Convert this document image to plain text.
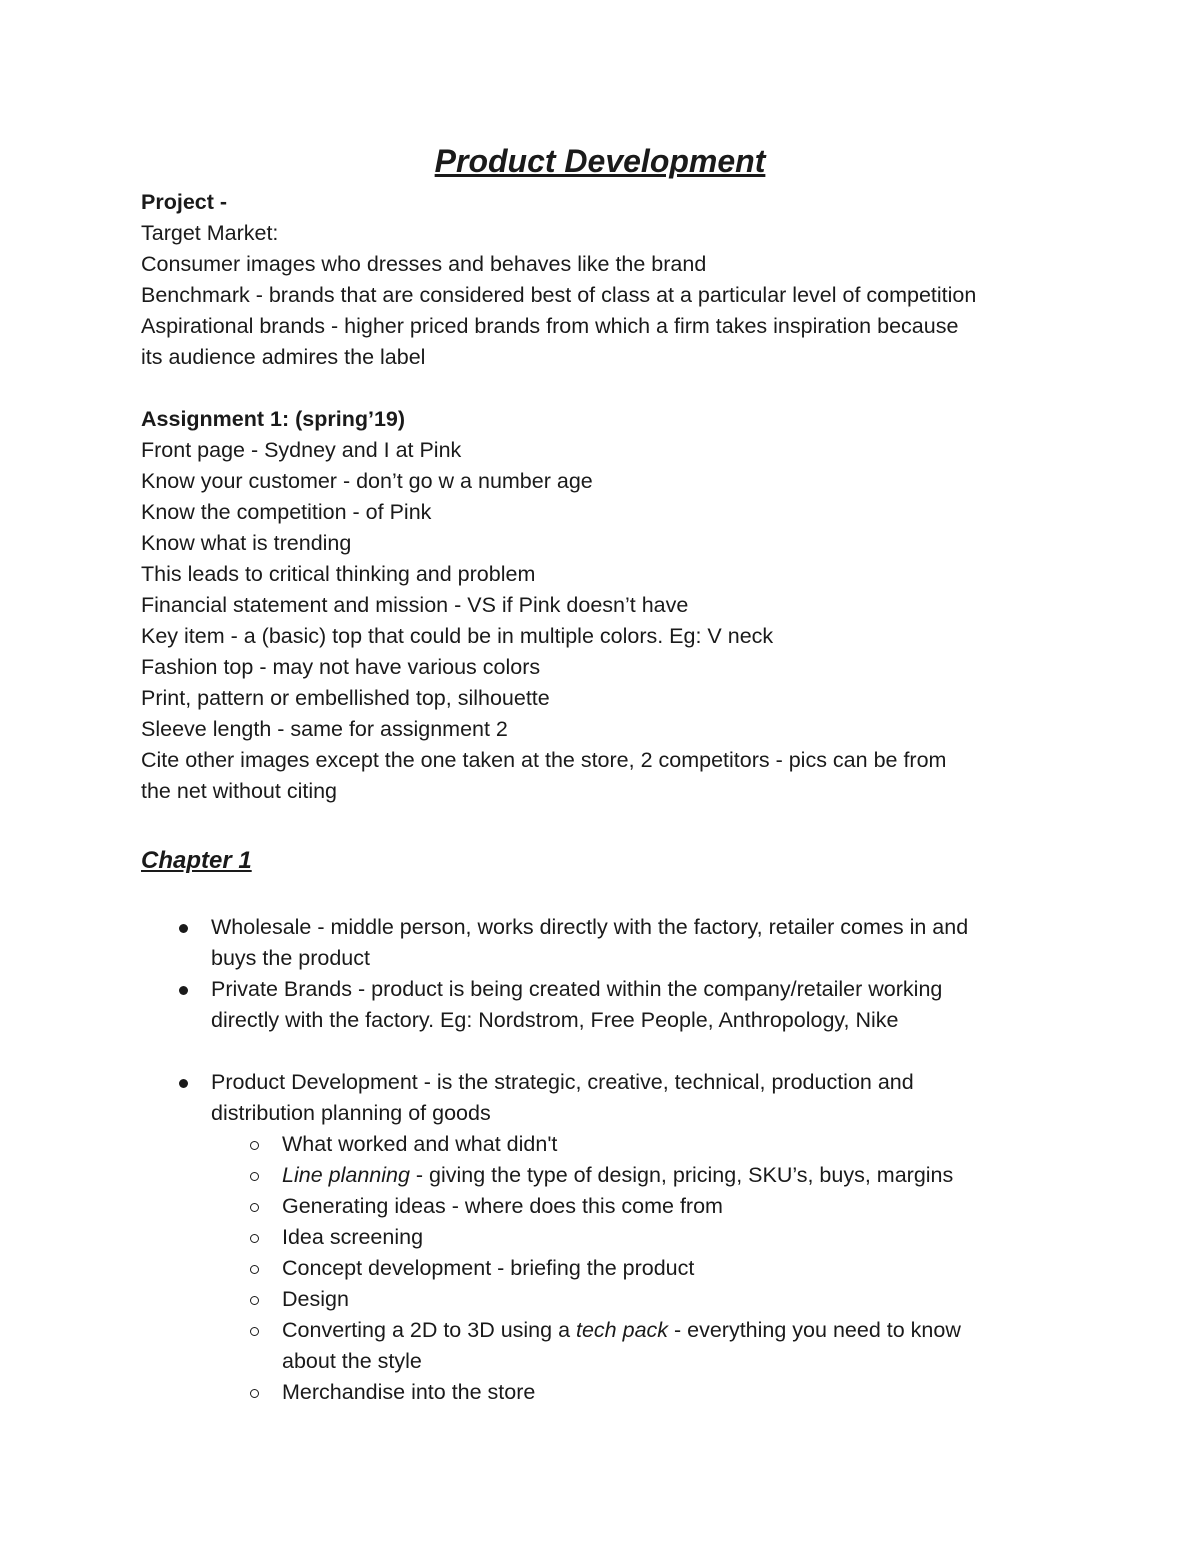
Product Development
Project -
Target Market:
Consumer images who dresses and behaves like the brand
Benchmark - brands that are considered best of class at a particular level of competition
Aspirational brands - higher priced brands from which a firm takes inspiration because
its audience admires the label
Assignment 1: (spring’19)
Front page - Sydney and I at Pink
Know your customer - don’t go w a number age
Know the competition - of Pink
Know what is trending
This leads to critical thinking and problem
Financial statement and mission - VS if Pink doesn’t have
Key item - a (basic) top that could be in multiple colors. Eg: V neck
Fashion top - may not have various colors
Print, pattern or embellished top, silhouette
Sleeve length - same for assignment 2
Cite other images except the one taken at the store, 2 competitors - pics can be from
the net without citing
Chapter 1
Wholesale - middle person, works directly with the factory, retailer comes in and
buys the product
Private Brands - product is being created within the company/retailer working
directly with the factory. Eg: Nordstrom, Free People, Anthropology, Nike
Product Development - is the strategic, creative, technical, production and
distribution planning of goods
What worked and what didn't
Line planning - giving the type of design, pricing, SKU’s, buys, margins
Generating ideas - where does this come from
Idea screening
Concept development - briefing the product
Design
Converting a 2D to 3D using a tech pack - everything you need to know
about the style
Merchandise into the store
